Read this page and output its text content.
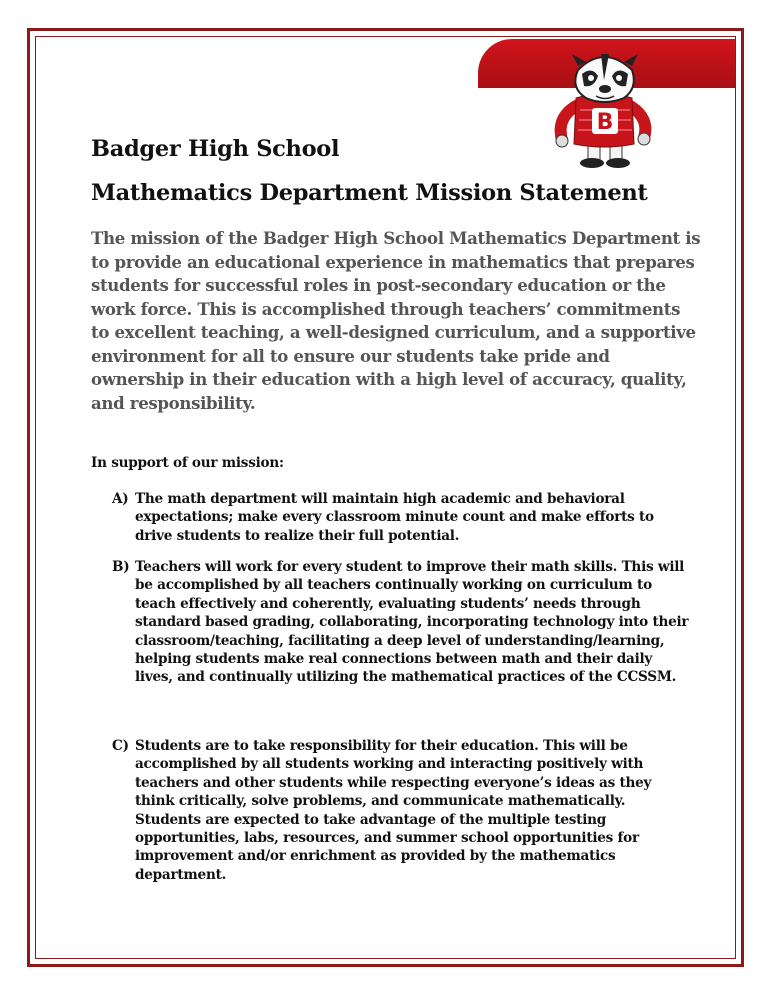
B
Badger High School
Mathematics Department Mission Statement

The mission of the Badger High School Mathematics Department is to provide an educational experience in mathematics that prepares students for successful roles in post-secondary education or the work force. This is accomplished through teachers’ commitments to excellent teaching, a well-designed curriculum, and a supportive environment for all to ensure our students take pride and ownership in their education with a high level of accuracy, quality, and responsibility.

In support of our mission:
A) The math department will maintain high academic and behavioral expectations; make every classroom minute count and make efforts to drive students to realize their full potential.
B) Teachers will work for every student to improve their math skills. This will be accomplished by all teachers continually working on curriculum to teach effectively and coherently, evaluating students’ needs through standard based grading, collaborating, incorporating technology into their classroom/teaching, facilitating a deep level of understanding/learning, helping students make real connections between math and their daily lives, and continually utilizing the mathematical practices of the CCSSM.
C) Students are to take responsibility for their education. This will be accomplished by all students working and interacting positively with teachers and other students while respecting everyone’s ideas as they think critically, solve problems, and communicate mathematically. Students are expected to take advantage of the multiple testing opportunities, labs, resources, and summer school opportunities for improvement and/or enrichment as provided by the mathematics department.
